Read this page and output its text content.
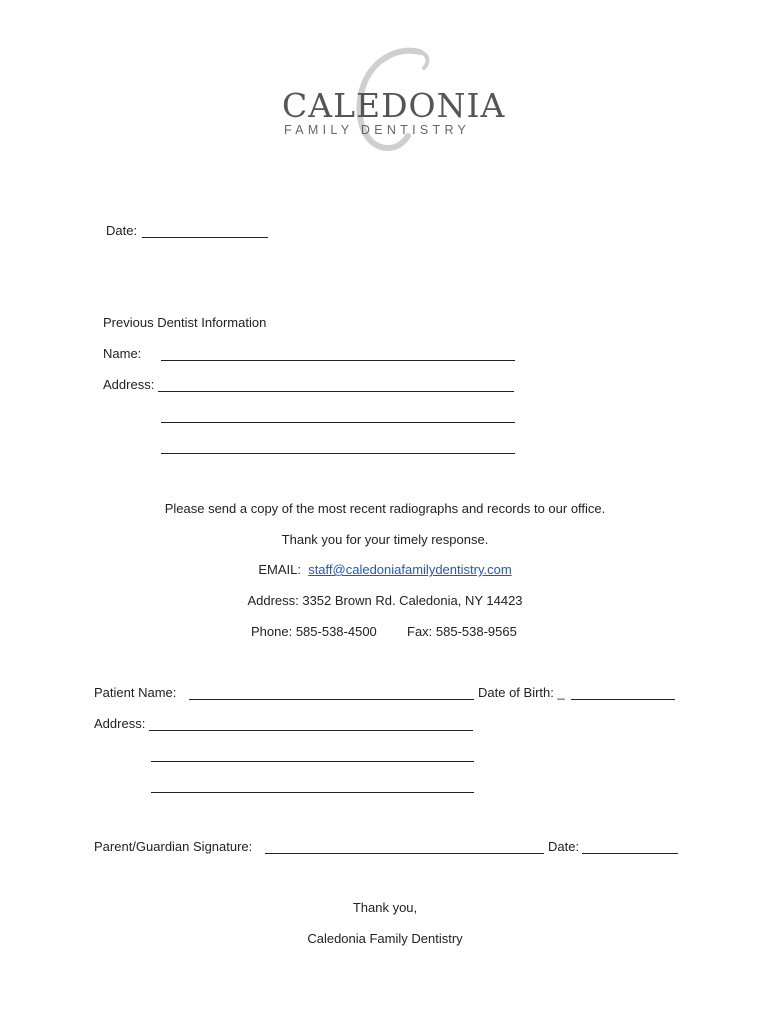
CALEDONIA
FAMILY DENTISTRY
Date:
Previous Dentist Information
Name:
Address:
Please send a copy of the most recent radiographs and records to our office.
Thank you for your timely response.
EMAIL: staff@caledoniafamilydentistry.com
Address: 3352 Brown Rd. Caledonia, NY 14423
Phone: 585-538-4500 Fax: 585-538-9565
Patient Name:	Date of Birth: _
Address:
Parent/Guardian Signature:	Date:
Thank you,
Caledonia Family Dentistry
